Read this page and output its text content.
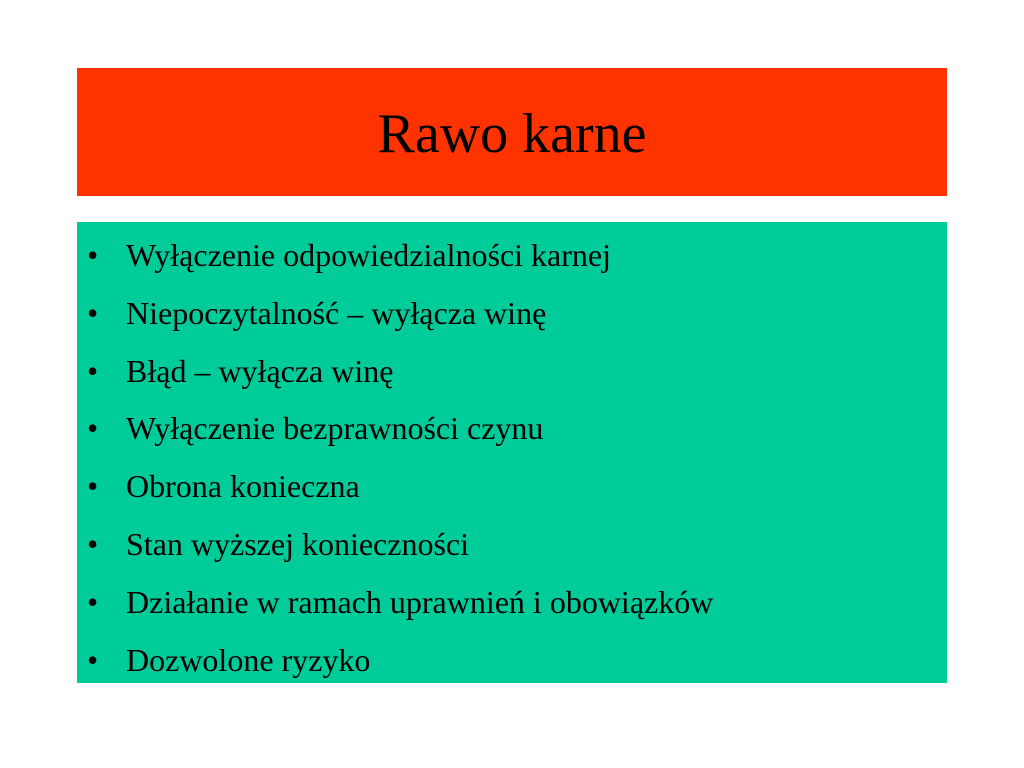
Rawo karne
• Wyłączenie odpowiedzialności karnej
• Niepoczytalność – wyłącza winę
• Błąd – wyłącza winę
• Wyłączenie bezprawności czynu
• Obrona konieczna
• Stan wyższej konieczności
• Działanie w ramach uprawnień i obowiązków
• Dozwolone ryzyko
